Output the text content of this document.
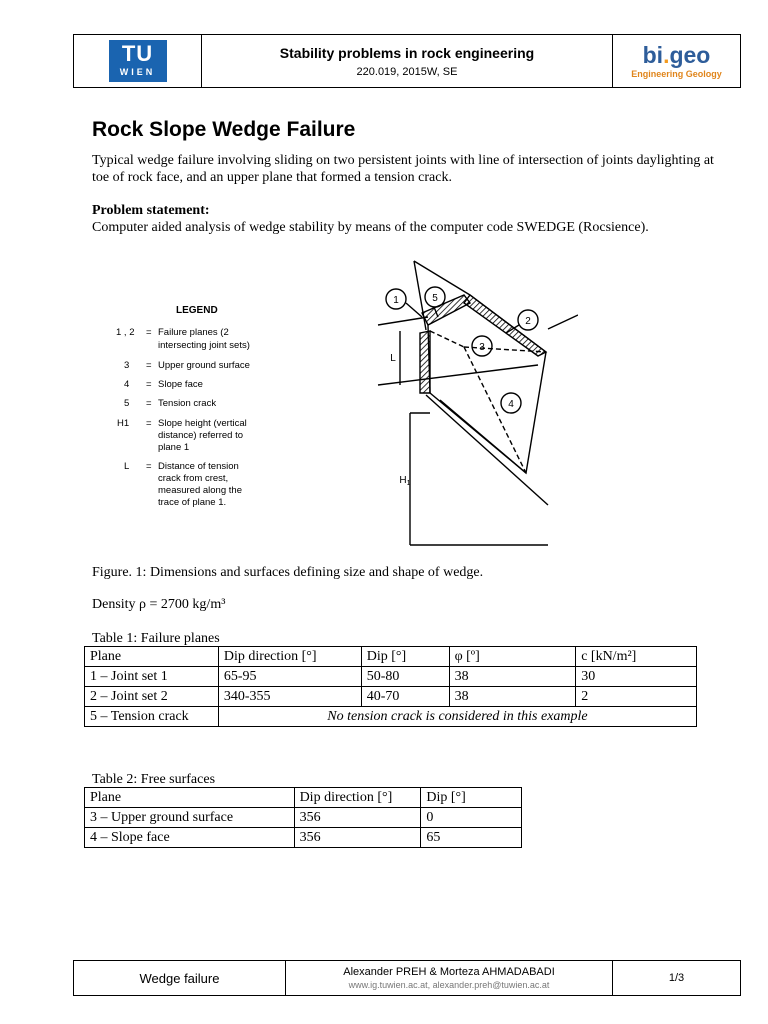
TU
WIEN
Stability problems in rock engineering
220.019, 2015W, SE
bi.geo
Engineering Geology
Rock Slope Wedge Failure

Typical wedge failure involving sliding on two persistent joints with line of intersection of joints daylighting at toe of rock face, and an upper plane that formed a tension crack.

Problem statement:

Computer aided analysis of wedge stability by means of the computer code SWEDGE (Rocsience).

LEGEND
1 , 2 = Failure planes (2
intersecting joint sets)
3 = Upper ground surface
4 = Slope face
5 = Tension crack
H1 = Slope height (vertical
distance) referred to
plane 1
L = Distance of tension
crack from crest,
measured along the
trace of plane 1.
1	5
2
3
4
L
$H_1$

Figure. 1: Dimensions and surfaces defining size and shape of wedge.

Density ρ = 2700 kg/m³

Table 1: Failure planes

Plane	Dip direction [°]	Dip [°]	φ [º]	c [kN/m²]
1 – Joint set 1	65-95	50-80	38	30
2 – Joint set 2	340-355	40-70	38	2
5 – Tension crack	No tension crack is considered in this example			

Table 2: Free surfaces

Plane	Dip direction [°]	Dip [°]
3 – Upper ground surface	356	0
4 – Slope face	356	65
Wedge failure	Alexander PREH & Morteza AHMADABADI
www.ig.tuwien.ac.at, alexander.preh@tuwien.ac.at
1/3
